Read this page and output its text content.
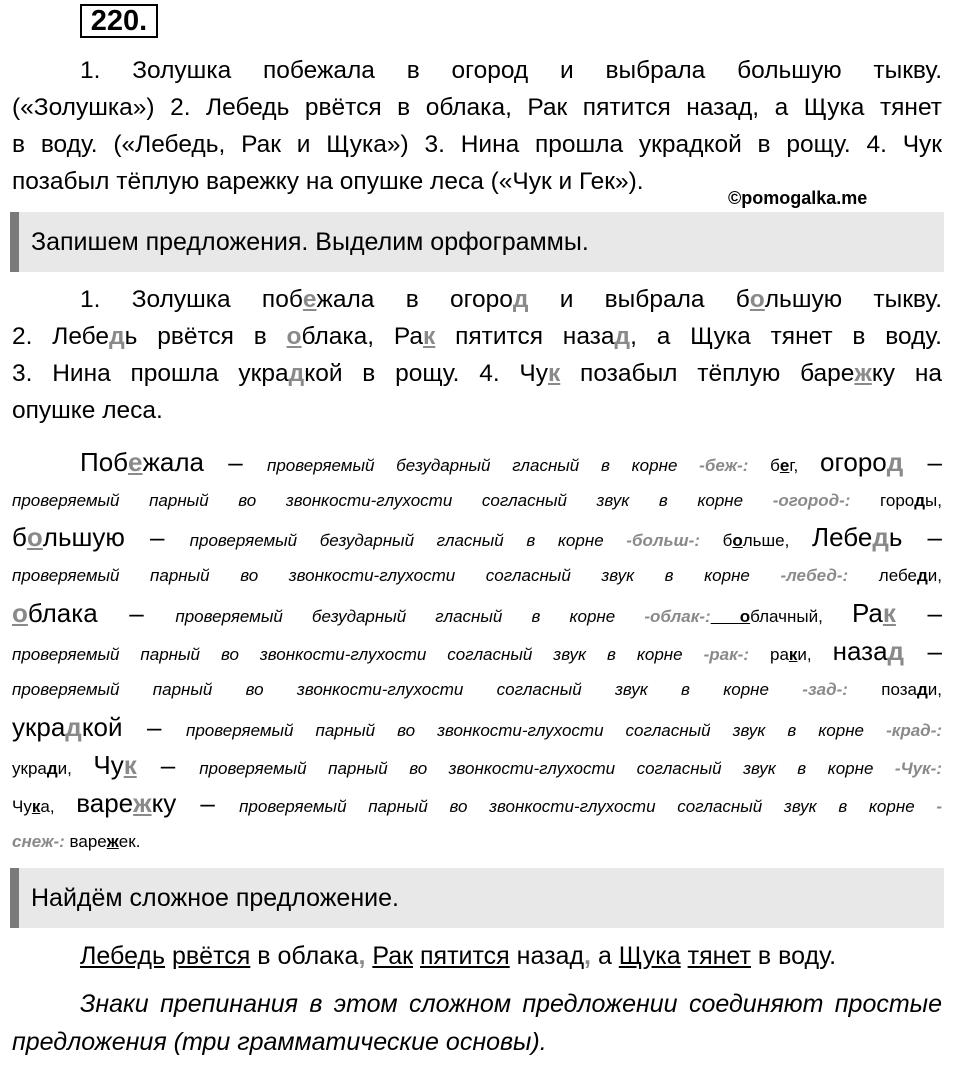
220.
1. Золушка побежала в огород и выбрала большую тыкву.
(«Золушка») 2. Лебедь рвётся в облака, Рак пятится назад, а Щука тянет
в воду. («Лебедь, Рак и Щука») 3. Нина прошла украдкой в рощу. 4. Чук
позабыл тёплую варежку на опушке леса («Чук и Гек»).
©pomogalka.me
Запишем предложения. Выделим орфограммы.
1. Золушка побежала в огород и выбрала большую тыкву.
2. Лебедь рвётся в облака, Рак пятится назад, а Щука тянет в воду.
3. Нина прошла украдкой в рощу. 4. Чук позабыл тёплую барежку на
опушке леса.
Побежала – проверяемый безударный гласный в корне -беж-: бег, огород –
проверяемый парный во звонкости-глухости согласный звук в корне -огород-: городы,
большую – проверяемый безударный гласный в корне -больш-: больше, Лебедь –
проверяемый парный во звонкости-глухости согласный звук в корне -лебед-: лебеди,
облака – проверяемый безударный гласный в корне -облак-: облачный, Рак –
проверяемый парный во звонкости-глухости согласный звук в корне -рак-: раки, назад –
проверяемый парный во звонкости-глухости согласный звук в корне -зад-: позади,
украдкой – проверяемый парный во звонкости-глухости согласный звук в корне -крад-:
укради, Чук – проверяемый парный во звонкости-глухости согласный звук в корне -Чук-:
Чука, варежку – проверяемый парный во звонкости-глухости согласный звук в корне -
снеж-: варежек.
Найдём сложное предложение.
Лебедь рвётся в облака, Рак пятится назад, а Щука тянет в воду.
Знаки препинания в этом сложном предложении соединяют простые предложения (три грамматические основы).
